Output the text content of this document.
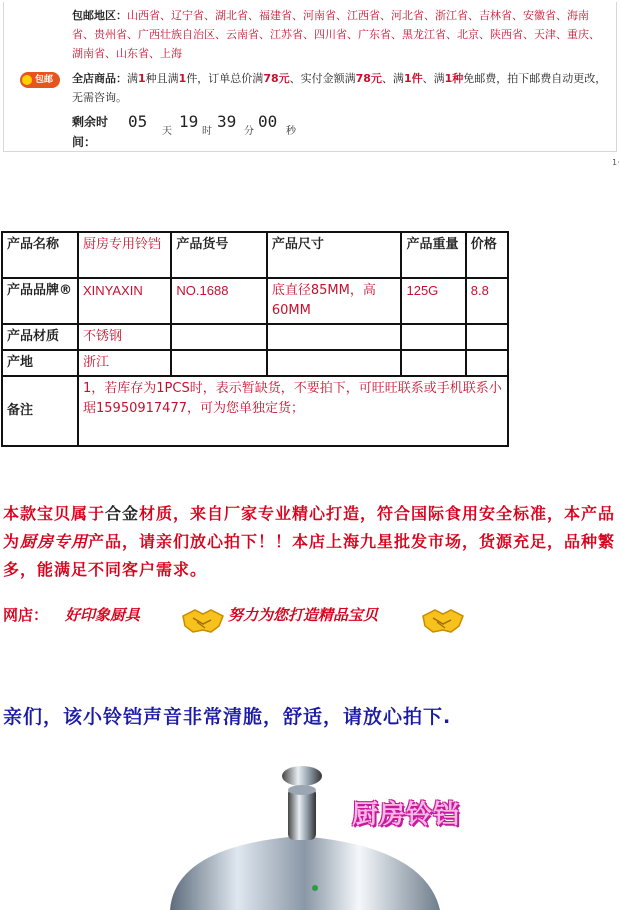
包邮地区：山西省、辽宁省、湖北省、福建省、河南省、江西省、河北省、浙江省、吉林省、安徽省、海南省、贵州省、广西壮族自治区、云南省、江苏省、四川省、广东省、黑龙江省、北京、陕西省、天津、重庆、湖南省、山东省、上海
包邮	全店商品：满1种且满1件，订单总价满78元、实付金额满78元、满1件、满1种免邮费，拍下邮费自动更改，无需咨询。
剩余时间：
05
天
19
时
39
分
00
秒
1·
产品名称	厨房专用铃铛	产品货号	产品尺寸	产品重量	价格
产品品牌®	XINYAXIN	NO.1688	底直径85MM，高60MM	125G	8.8
产品材质	不锈钢				
产地	浙江				
备注	1，若库存为1PCS时，表示暂缺货，不要拍下，可旺旺联系或手机联系小琚15950917477，可为您单独定货；				
本款宝贝属于合金材质，来自厂家专业精心打造，符合国际食用安全标准，本产品为厨房专用产品，请亲们放心拍下！！本店上海九星批发市场，货源充足，品种繁多，能满足不同客户需求。
网店： 好印象厨具	努力为您打造精品宝贝
亲们，该小铃铛声音非常清脆，舒适，请放心拍下.
厨房铃铛
